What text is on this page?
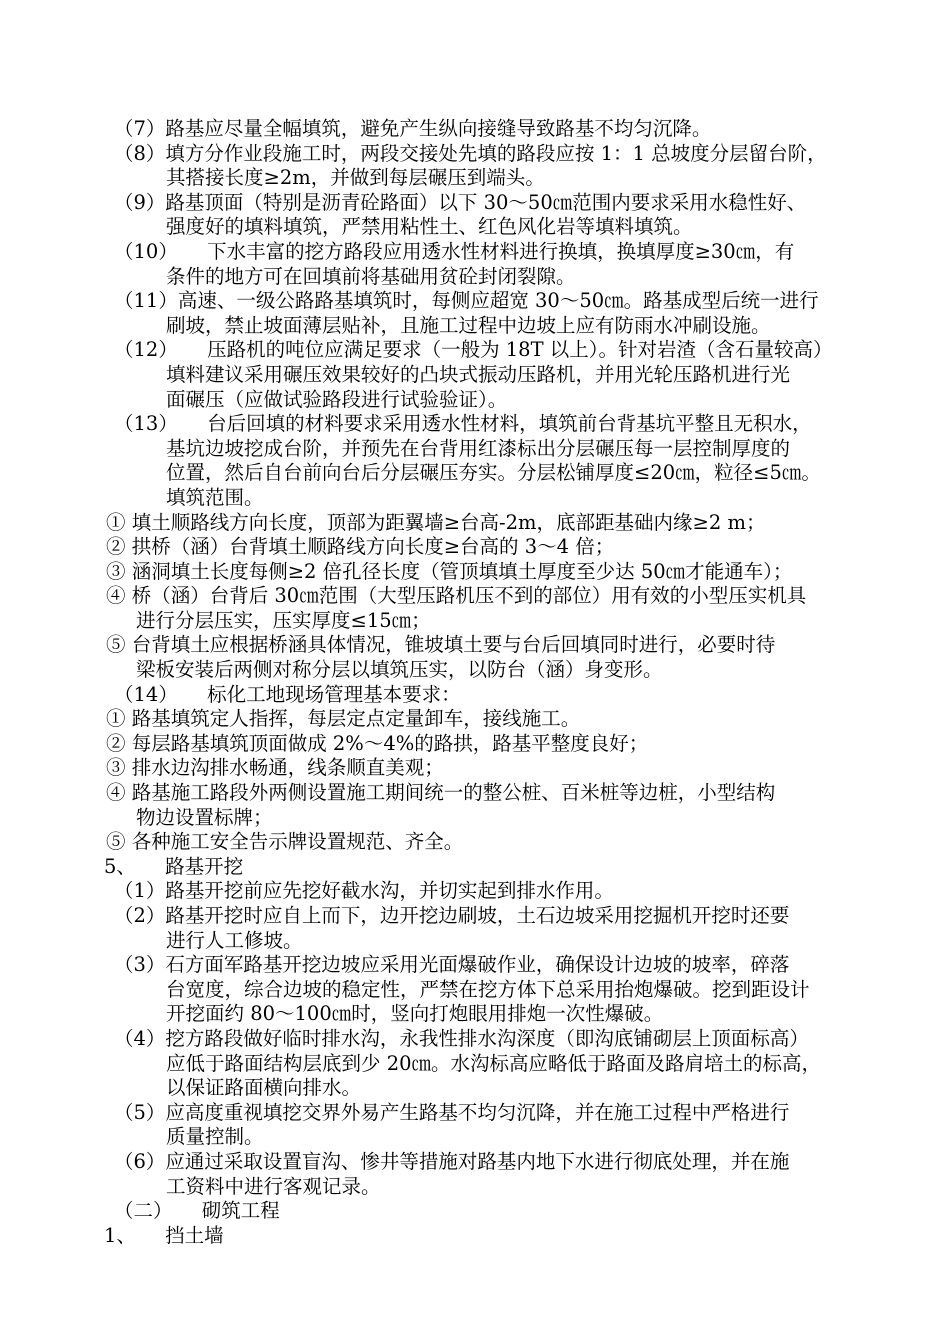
（7）路基应尽量全幅填筑，避免产生纵向接缝导致路基不均匀沉降。
（8）填方分作业段施工时，两段交接处先填的路段应按 1：1 总坡度分层留台阶，
其搭接长度≥2m，并做到每层碾压到端头。
（9）路基顶面（特别是沥青砼路面）以下 30～50㎝范围内要求采用水稳性好、
强度好的填料填筑，严禁用粘性土、红色风化岩等填料填筑。
（10）　　下水丰富的挖方路段应用透水性材料进行换填，换填厚度≥30㎝，有
条件的地方可在回填前将基础用贫砼封闭裂隙。
（11）高速、一级公路路基填筑时，每侧应超宽 30～50㎝。路基成型后统一进行
刷坡，禁止坡面薄层贴补，且施工过程中边坡上应有防雨水冲刷设施。
（12）　　压路机的吨位应满足要求（一般为 18T 以上）。针对岩渣（含石量较高）
填料建议采用碾压效果较好的凸块式振动压路机，并用光轮压路机进行光
面碾压（应做试验路段进行试验验证）。
（13）　　台后回填的材料要求采用透水性材料，填筑前台背基坑平整且无积水，
基坑边坡挖成台阶，并预先在台背用红漆标出分层碾压每一层控制厚度的
位置，然后自台前向台后分层碾压夯实。分层松铺厚度≤20㎝，粒径≤5㎝。
填筑范围。
① 填土顺路线方向长度，顶部为距翼墙≥台高-2m，底部距基础内缘≥2 m；
② 拱桥（涵）台背填土顺路线方向长度≥台高的 3～4 倍；
③ 涵洞填土长度每侧≥2 倍孔径长度（管顶填填土厚度至少达 50㎝才能通车）；
④ 桥（涵）台背后 30㎝范围（大型压路机压不到的部位）用有效的小型压实机具
进行分层压实，压实厚度≤15㎝；
⑤ 台背填土应根据桥涵具体情况，锥坡填土要与台后回填同时进行，必要时待
梁板安装后两侧对称分层以填筑压实，以防台（涵）身变形。
（14）　　标化工地现场管理基本要求：
① 路基填筑定人指挥，每层定点定量卸车，接线施工。
② 每层路基填筑顶面做成 2%～4%的路拱，路基平整度良好；
③ 排水边沟排水畅通，线条顺直美观；
④ 路基施工路段外两侧设置施工期间统一的整公桩、百米桩等边桩，小型结构
物边设置标牌；
⑤ 各种施工安全告示牌设置规范、齐全。
5、　　路基开挖
（1）路基开挖前应先挖好截水沟，并切实起到排水作用。
（2）路基开挖时应自上而下，边开挖边刷坡，土石边坡采用挖掘机开挖时还要
进行人工修坡。
（3）石方面军路基开挖边坡应采用光面爆破作业，确保设计边坡的坡率，碎落
台宽度，综合边坡的稳定性，严禁在挖方体下总采用抬炮爆破。挖到距设计
开挖面约 80～100㎝时，竖向打炮眼用排炮一次性爆破。
（4）挖方路段做好临时排水沟，永我性排水沟深度（即沟底铺砌层上顶面标高）
应低于路面结构层底到少 20㎝。水沟标高应略低于路面及路肩培土的标高，
以保证路面横向排水。
（5）应高度重视填挖交界外易产生路基不均匀沉降，并在施工过程中严格进行
质量控制。
（6）应通过采取设置盲沟、惨井等措施对路基内地下水进行彻底处理，并在施
工资料中进行客观记录。
（二）　　砌筑工程
1、　　挡土墙
